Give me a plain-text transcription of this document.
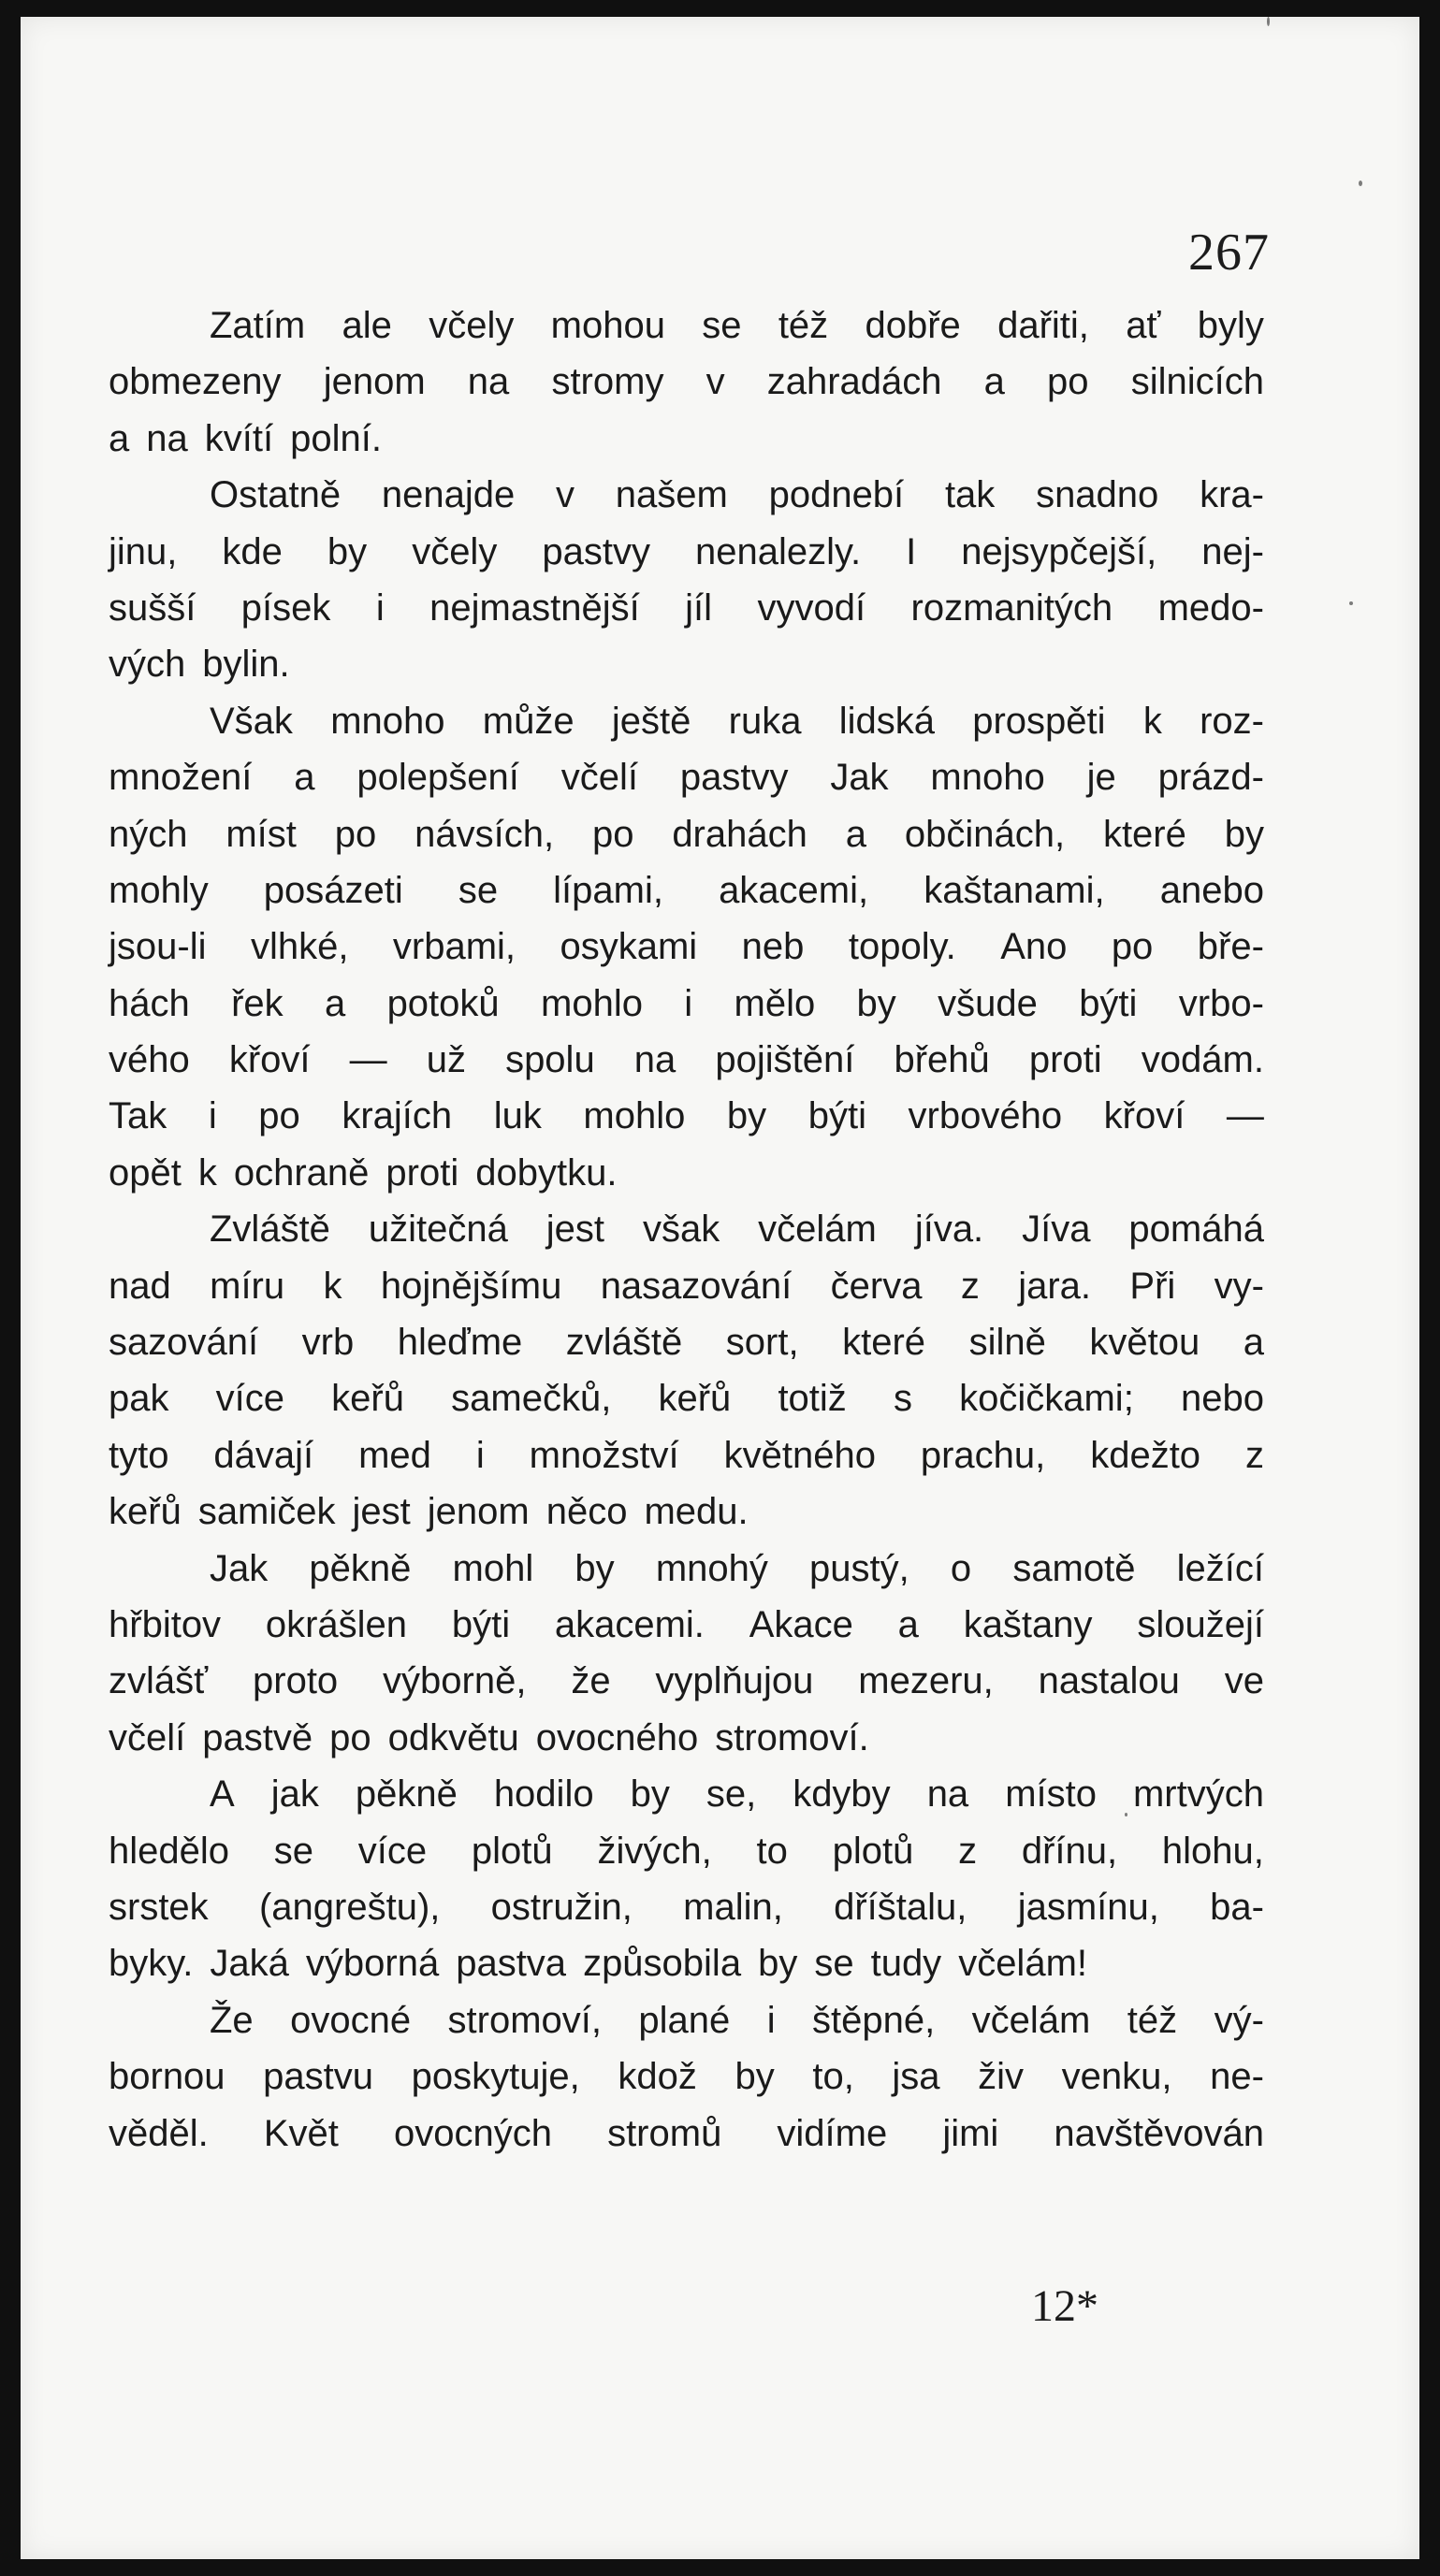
267
Zatím ale včely mohou se též dobře dařiti, ať byly
obmezeny jenom na stromy v zahradách a po silnicích
a na kvítí polní.
Ostatně nenajde v našem podnebí tak snadno kra-
jinu, kde by včely pastvy nenalezly. I nejsypčejší, nej-
sušší písek i nejmastnější jíl vyvodí rozmanitých medo-
vých bylin.
Však mnoho může ještě ruka lidská prospěti k roz-
množení a polepšení včelí pastvy Jak mnoho je prázd-
ných míst po návsích, po drahách a občinách, které by
mohly posázeti se lípami, akacemi, kaštanami, anebo
jsou-li vlhké, vrbami, osykami neb topoly. Ano po bře-
hách řek a potoků mohlo i mělo by všude býti vrbo-
vého křoví — už spolu na pojištění břehů proti vodám.
Tak i po krajích luk mohlo by býti vrbového křoví —
opět k ochraně proti dobytku.
Zvláště užitečná jest však včelám jíva. Jíva pomáhá
nad míru k hojnějšímu nasazování červa z jara. Při vy-
sazování vrb hleďme zvláště sort, které silně květou a
pak více keřů samečků, keřů totiž s kočičkami; nebo
tyto dávají med i množství květného prachu, kdežto z
keřů samiček jest jenom něco medu.
Jak pěkně mohl by mnohý pustý, o samotě ležící
hřbitov okrášlen býti akacemi. Akace a kaštany sloužejí
zvlášť proto výborně, že vyplňujou mezeru, nastalou ve
včelí pastvě po odkvětu ovocného stromoví.
A jak pěkně hodilo by se, kdyby na místo mrtvých
hledělo se více plotů živých, to plotů z dřínu, hlohu,
srstek (angreštu), ostružin, malin, dříštalu, jasmínu, ba-
byky. Jaká výborná pastva způsobila by se tudy včelám!
Že ovocné stromoví, plané i štěpné, včelám též vý-
bornou pastvu poskytuje, kdož by to, jsa živ venku, ne-
věděl. Květ ovocných stromů vidíme jimi navštěvován
12*
